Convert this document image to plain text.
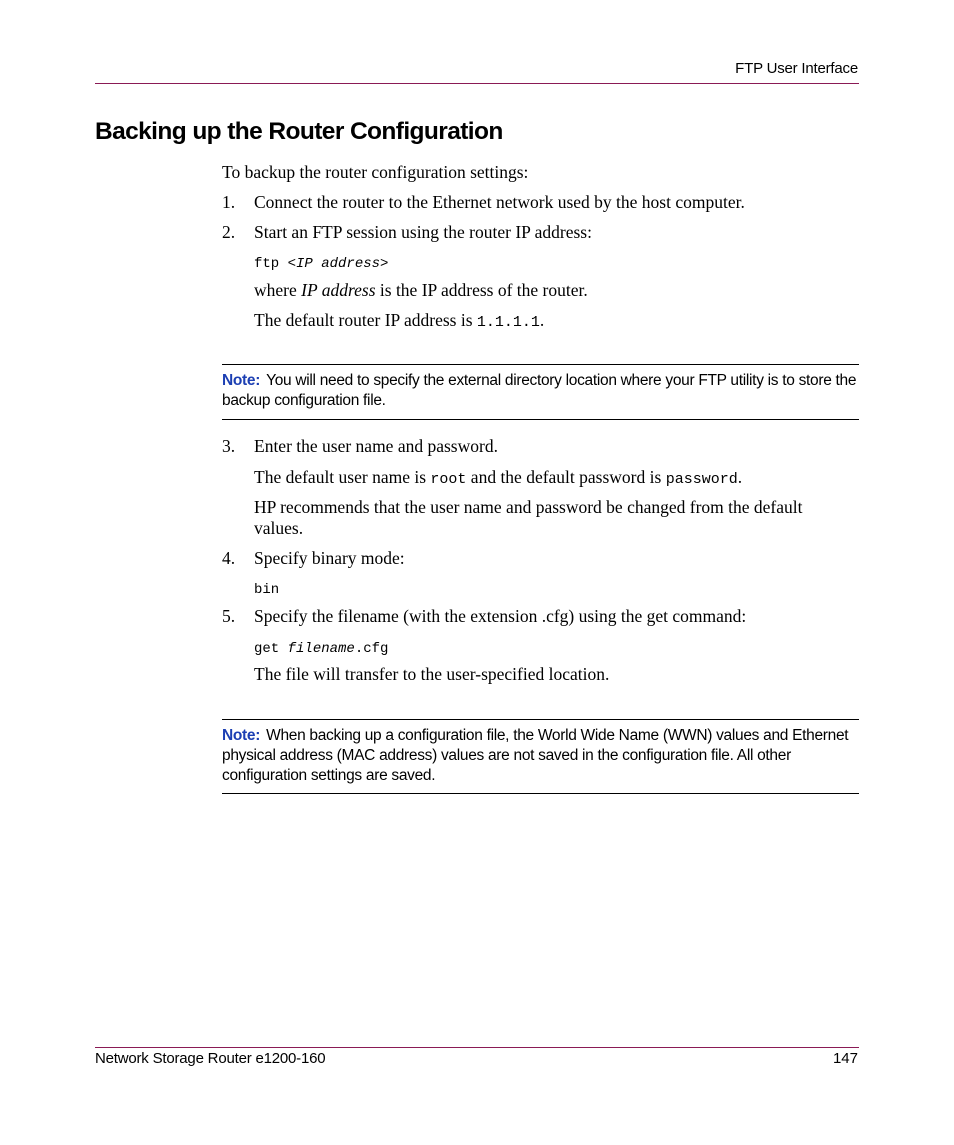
FTP User Interface
Backing up the Router Configuration

To backup the router configuration settings:

1. Connect the router to the Ethernet network used by the host computer.
2. Start an FTP session using the router IP address:
ftp <IP address>
where IP address is the IP address of the router.
The default router IP address is 1.1.1.1.
Note: You will need to specify the external directory location where your FTP utility is to store the backup configuration file.
3. Enter the user name and password.
The default user name is root and the default password is password.
HP recommends that the user name and password be changed from the default
values.
4. Specify binary mode:
bin
5. Specify the filename (with the extension .cfg) using the get command:
get filename.cfg
The file will transfer to the user-specified location.
Note: When backing up a configuration file, the World Wide Name (WWN) values and Ethernet physical address (MAC address) values are not saved in the configuration file. All other configuration settings are saved.
Network Storage Router e1200-160	147
